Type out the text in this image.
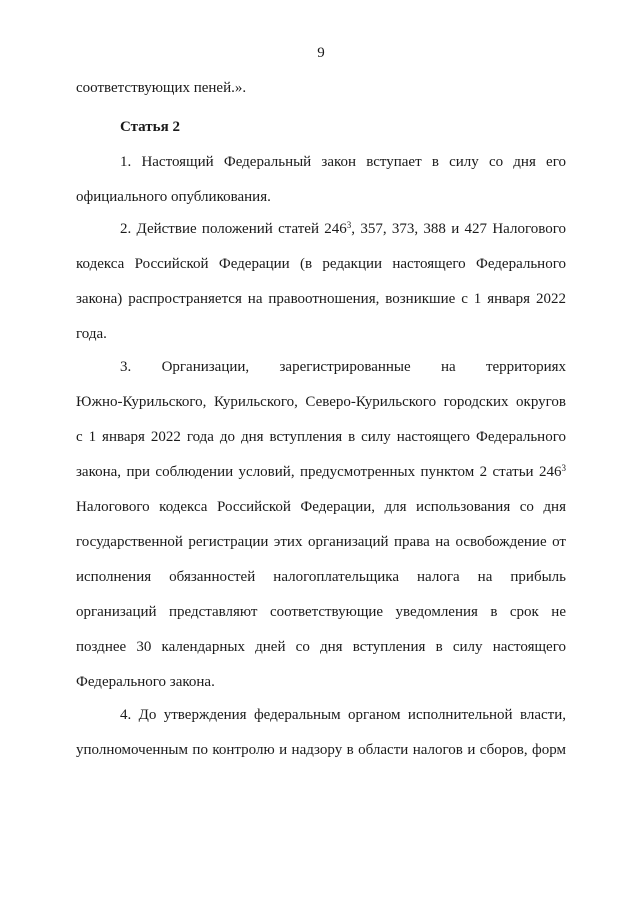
9
соответствующих пеней.».
Статья 2
1. Настоящий Федеральный закон вступает в силу со дня его
официального опубликования.
2. Действие положений статей $246^3$, 357, 373, 388 и 427 Налогового
кодекса Российской Федерации (в редакции настоящего Федерального
закона) распространяется на правоотношения, возникшие с 1 января 2022
года.
3. Организации, зарегистрированные на территориях
Южно-Курильского, Курильского, Северо-Курильского городских округов
с 1 января 2022 года до дня вступления в силу настоящего Федерального
закона, при соблюдении условий, предусмотренных пунктом 2 статьи $246^3$
Налогового кодекса Российской Федерации, для использования со дня
государственной регистрации этих организаций права на освобождение от
исполнения обязанностей налогоплательщика налога на прибыль
организаций представляют соответствующие уведомления в срок не
позднее 30 календарных дней со дня вступления в силу настоящего
Федерального закона.
4. До утверждения федеральным органом исполнительной власти,
уполномоченным по контролю и надзору в области налогов и сборов, форм
